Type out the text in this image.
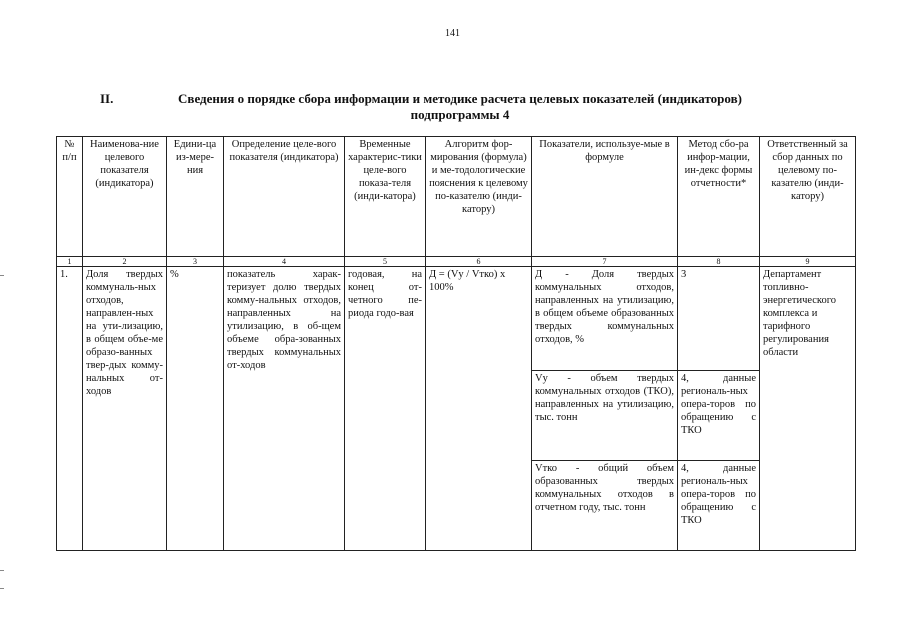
141
II.	Сведения о порядке сбора информации и методике расчета целевых показателей (индикаторов)
подпрограммы 4
№ п/п	Наименова-ние целевого показателя (индикатора)	Едини-ца из-мере-ния	Определение целе-вого показателя (индикатора)	Временные характерис-тики целе-вого показа-теля (инди-катора)	Алгоритм фор-мирования (формула) и ме-тодологические пояснения к целевому по-казателю (инди-катору)	Показатели, используе-мые в формуле	Метод сбо-ра инфор-мации, ин-декс формы отчетности*	Ответственный за сбор данных по целевому по-казателю (инди-катору)
1	2	3	4	5	6	7	8	9
1.	Доля твердых коммуналь-ных отходов, направлен-ных на ути-лизацию, в общем объе-ме образо-ванных твер-дых комму-нальных от-ходов	%	показатель харак-теризует долю твердых комму-нальных отходов, направленных на утилизацию, в об-щем объеме обра-зованных твердых коммунальных от-ходов	годовая, на конец от-четного пе-риода годо-вая	Д = (Vу / Vтко) х 100%	Д - Доля твердых коммунальных отходов, направленных на утилизацию, в общем объеме образованных твердых коммунальных отходов, %	3	Департамент топливно-энергетического комплекса и тарифного регулирования области
						Vу - объем твердых коммунальных отходов (ТКО), направленных на утилизацию, тыс. тонн	4, данные региональ-ных опера-торов по обращению с ТКО	
						Vтко - общий объем образованных твердых коммунальных отходов в отчетном году, тыс. тонн	4, данные региональ-ных опера-торов по обращению с ТКО	
